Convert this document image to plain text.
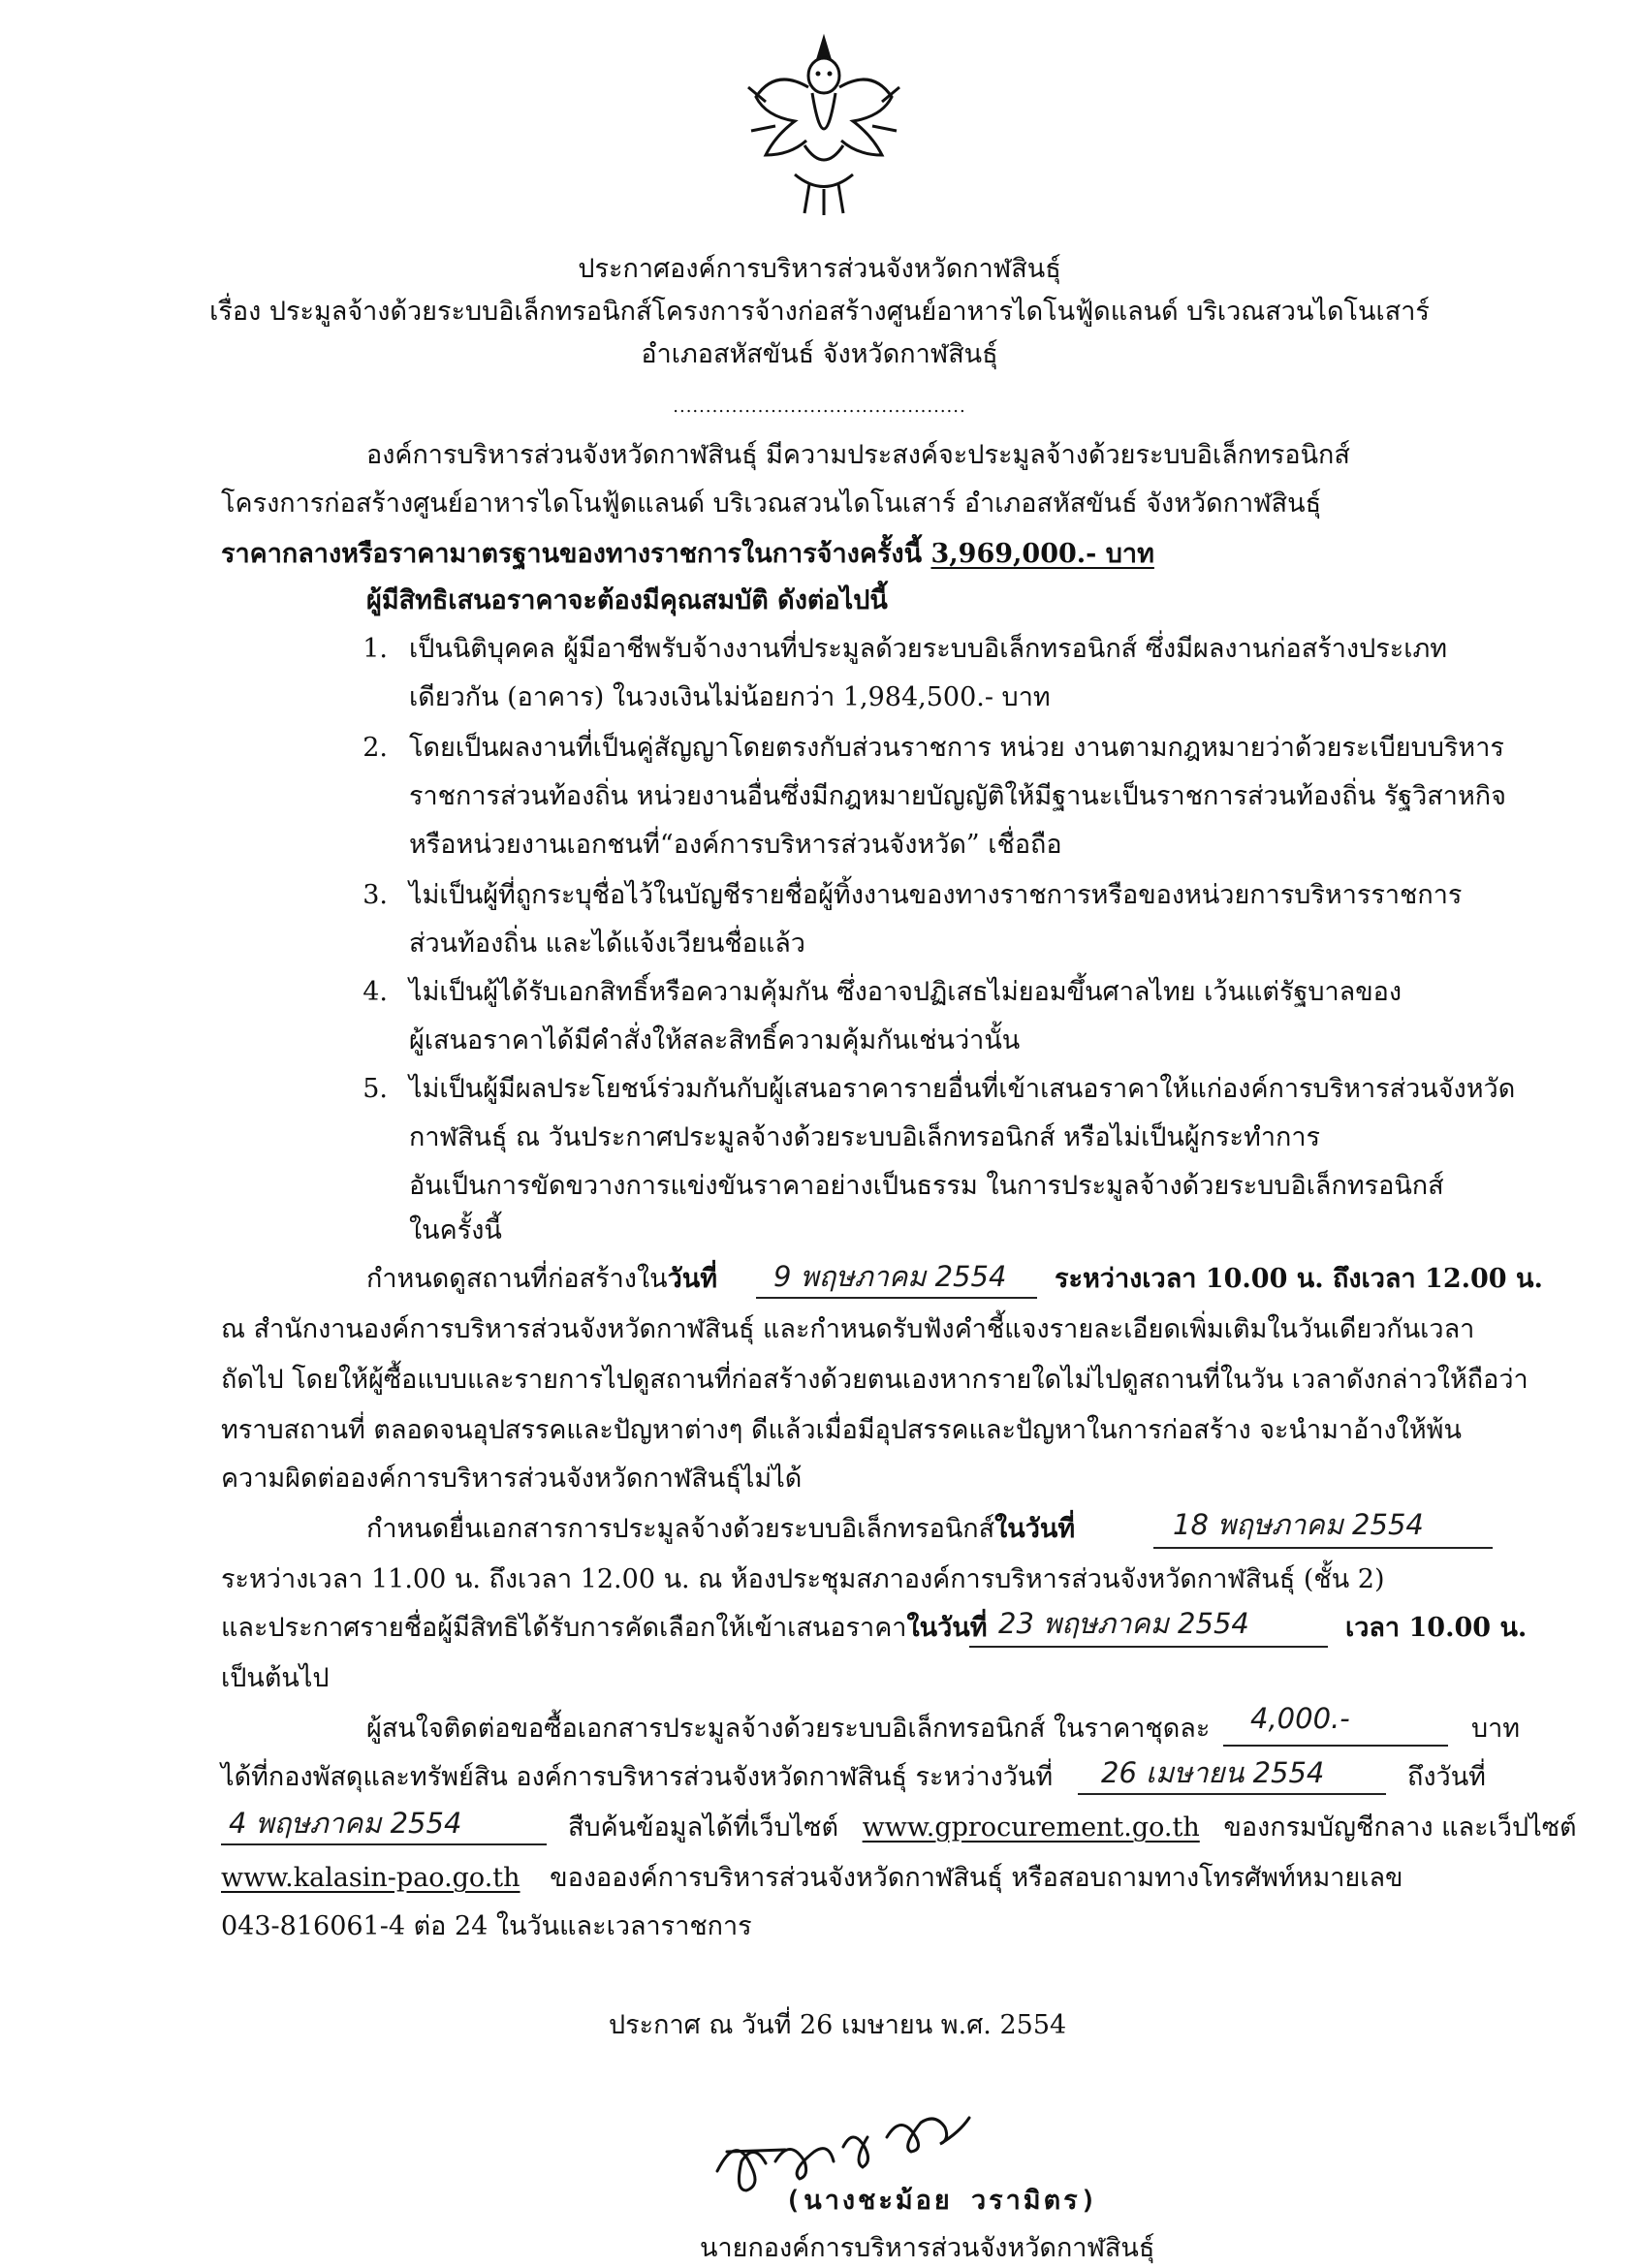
ประกาศองค์การบริหารส่วนจังหวัดกาฬสินธุ์
เรื่อง ประมูลจ้างด้วยระบบอิเล็กทรอนิกส์โครงการจ้างก่อสร้างศูนย์อาหารไดโนฟู้ดแลนด์ บริเวณสวนไดโนเสาร์
อำเภอสหัสขันธ์ จังหวัดกาฬสินธุ์
.............................................
องค์การบริหารส่วนจังหวัดกาฬสินธุ์ มีความประสงค์จะประมูลจ้างด้วยระบบอิเล็กทรอนิกส์
โครงการก่อสร้างศูนย์อาหารไดโนฟู้ดแลนด์ บริเวณสวนไดโนเสาร์ อำเภอสหัสขันธ์ จังหวัดกาฬสินธุ์
ราคากลางหรือราคามาตรฐานของทางราชการในการจ้างครั้งนี้ 3,969,000.- บาท
ผู้มีสิทธิเสนอราคาจะต้องมีคุณสมบัติ ดังต่อไปนี้
1. เป็นนิติบุคคล ผู้มีอาชีพรับจ้างงานที่ประมูลด้วยระบบอิเล็กทรอนิกส์ ซึ่งมีผลงานก่อสร้างประเภท
เดียวกัน (อาคาร) ในวงเงินไม่น้อยกว่า 1,984,500.- บาท
2. โดยเป็นผลงานที่เป็นคู่สัญญาโดยตรงกับส่วนราชการ หน่วย งานตามกฎหมายว่าด้วยระเบียบบริหาร
ราชการส่วนท้องถิ่น หน่วยงานอื่นซึ่งมีกฎหมายบัญญัติให้มีฐานะเป็นราชการส่วนท้องถิ่น รัฐวิสาหกิจ
หรือหน่วยงานเอกชนที่“องค์การบริหารส่วนจังหวัด” เชื่อถือ
3. ไม่เป็นผู้ที่ถูกระบุชื่อไว้ในบัญชีรายชื่อผู้ทิ้งงานของทางราชการหรือของหน่วยการบริหารราชการ
ส่วนท้องถิ่น และได้แจ้งเวียนชื่อแล้ว
4. ไม่เป็นผู้ได้รับเอกสิทธิ์หรือความคุ้มกัน ซึ่งอาจปฏิเสธไม่ยอมขึ้นศาลไทย เว้นแต่รัฐบาลของ
ผู้เสนอราคาได้มีคำสั่งให้สละสิทธิ์ความคุ้มกันเช่นว่านั้น
5. ไม่เป็นผู้มีผลประโยชน์ร่วมกันกับผู้เสนอราคารายอื่นที่เข้าเสนอราคาให้แก่องค์การบริหารส่วนจังหวัด
กาฬสินธุ์ ณ วันประกาศประมูลจ้างด้วยระบบอิเล็กทรอนิกส์ หรือไม่เป็นผู้กระทำการ
อันเป็นการขัดขวางการแข่งขันราคาอย่างเป็นธรรม ในการประมูลจ้างด้วยระบบอิเล็กทรอนิกส์
ในครั้งนี้
กำหนดดูสถานที่ก่อสร้างในวันที่ 9 พฤษภาคม 2554 ระหว่างเวลา 10.00 น. ถึงเวลา 12.00 น.
ณ สำนักงานองค์การบริหารส่วนจังหวัดกาฬสินธุ์ และกำหนดรับฟังคำชี้แจงรายละเอียดเพิ่มเติมในวันเดียวกันเวลา
ถัดไป โดยให้ผู้ซื้อแบบและรายการไปดูสถานที่ก่อสร้างด้วยตนเองหากรายใดไม่ไปดูสถานที่ในวัน เวลาดังกล่าวให้ถือว่า
ทราบสถานที่ ตลอดจนอุปสรรคและปัญหาต่างๆ ดีแล้วเมื่อมีอุปสรรคและปัญหาในการก่อสร้าง จะนำมาอ้างให้พ้น
ความผิดต่อองค์การบริหารส่วนจังหวัดกาฬสินธุ์ไม่ได้
กำหนดยื่นเอกสารการประมูลจ้างด้วยระบบอิเล็กทรอนิกส์ในวันที่	18 พฤษภาคม 2554
ระหว่างเวลา 11.00 น. ถึงเวลา 12.00 น. ณ ห้องประชุมสภาองค์การบริหารส่วนจังหวัดกาฬสินธุ์ (ชั้น 2)
และประกาศรายชื่อผู้มีสิทธิได้รับการคัดเลือกให้เข้าเสนอราคาในวันที่ 23 พฤษภาคม 2554	เวลา 10.00 น.
เป็นต้นไป
ผู้สนใจติดต่อขอซื้อเอกสารประมูลจ้างด้วยระบบอิเล็กทรอนิกส์ ในราคาชุดละ 4,000.-	บาท
ได้ที่กองพัสดุและทรัพย์สิน องค์การบริหารส่วนจังหวัดกาฬสินธุ์ ระหว่างวันที่ 26 เมษายน 2554	ถึงวันที่
4 พฤษภาคม 2554	สืบค้นข้อมูลได้ที่เว็บไซต์ www.gprocurement.go.th ของกรมบัญชีกลาง และเว็ปไซต์
www.kalasin-pao.go.th ของอองค์การบริหารส่วนจังหวัดกาฬสินธุ์ หรือสอบถามทางโทรศัพท์หมายเลข
043-816061-4 ต่อ 24 ในวันและเวลาราชการ
ประกาศ ณ วันที่ 26 เมษายน พ.ศ. 2554
(นางชะม้อย วรามิตร)
นายกองค์การบริหารส่วนจังหวัดกาฬสินธุ์
